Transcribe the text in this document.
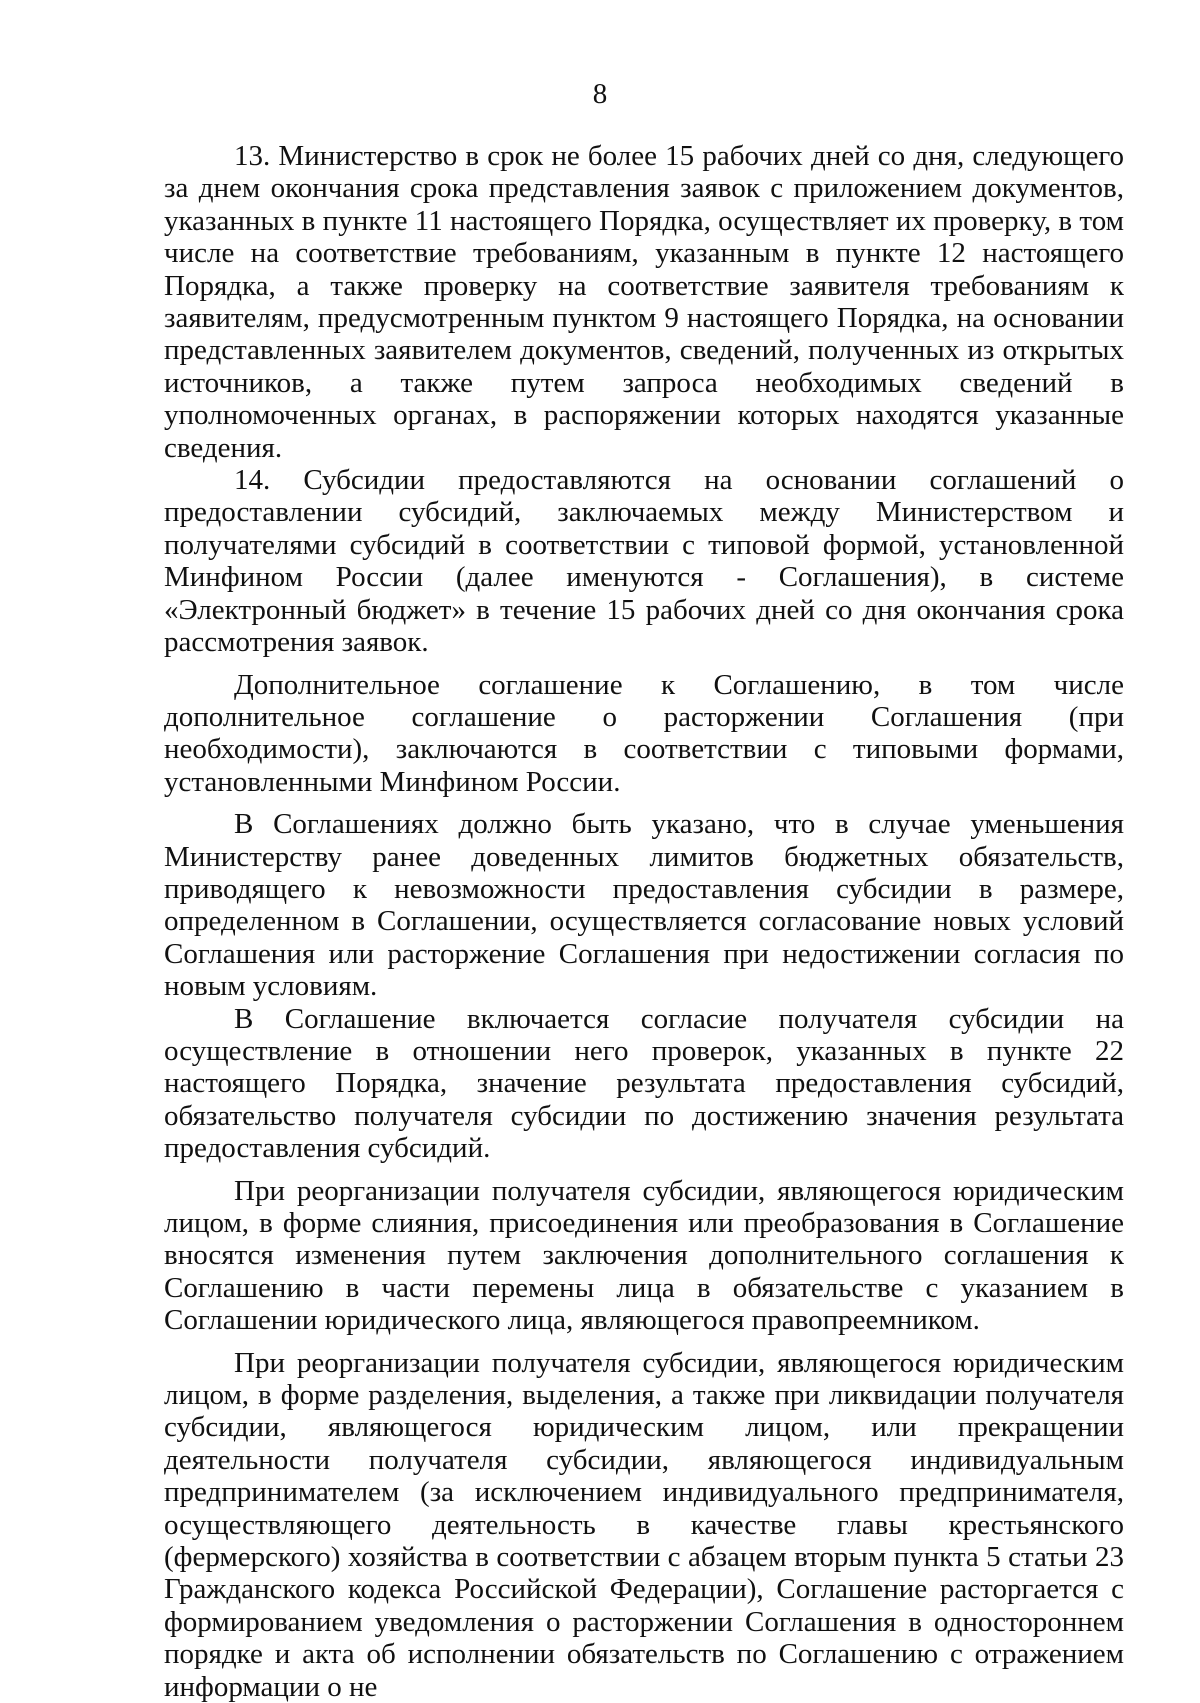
8

13. Министерство в срок не более 15 рабочих дней со дня, следующего за днем окончания срока представления заявок с приложением документов, указанных в пункте 11 настоящего Порядка, осуществляет их проверку, в том числе на соответствие требованиям, указанным в пункте 12 настоящего Порядка, а также проверку на соответствие заявителя требованиям к заявителям, предусмотренным пунктом 9 настоящего Порядка, на основании представленных заявителем документов, сведений, полученных из открытых источников, а также путем запроса необходимых сведений в уполномоченных органах, в распоряжении которых находятся указанные сведения.

14. Субсидии предоставляются на основании соглашений о предоставлении субсидий, заключаемых между Министерством и получателями субсидий в соответствии с типовой формой, установленной Минфином России (далее именуются - Соглашения), в системе «Электронный бюджет» в течение 15 рабочих дней со дня окончания срока рассмотрения заявок.

Дополнительное соглашение к Соглашению, в том числе дополнительное соглашение о расторжении Соглашения (при необходимости), заключаются в соответствии с типовыми формами, установленными Минфином России.

В Соглашениях должно быть указано, что в случае уменьшения Министерству ранее доведенных лимитов бюджетных обязательств, приводящего к невозможности предоставления субсидии в размере, определенном в Соглашении, осуществляется согласование новых условий Соглашения или расторжение Соглашения при недостижении согласия по новым условиям.

В Соглашение включается согласие получателя субсидии на осуществление в отношении него проверок, указанных в пункте 22 настоящего Порядка, значение результата предоставления субсидий, обязательство получателя субсидии по достижению значения результата предоставления субсидий.

При реорганизации получателя субсидии, являющегося юридическим лицом, в форме слияния, присоединения или преобразования в Соглашение вносятся изменения путем заключения дополнительного соглашения к Соглашению в части перемены лица в обязательстве с указанием в Соглашении юридического лица, являющегося правопреемником.

При реорганизации получателя субсидии, являющегося юридическим лицом, в форме разделения, выделения, а также при ликвидации получателя субсидии, являющегося юридическим лицом, или прекращении деятельности получателя субсидии, являющегося индивидуальным предпринимателем (за исключением индивидуального предпринимателя, осуществляющего деятельность в качестве главы крестьянского (фермерского) хозяйства в соответствии с абзацем вторым пункта 5 статьи 23 Гражданского кодекса Российской Федерации), Соглашение расторгается с формированием уведомления о расторжении Соглашения в одностороннем порядке и акта об исполнении обязательств по Соглашению с отражением информации о не
